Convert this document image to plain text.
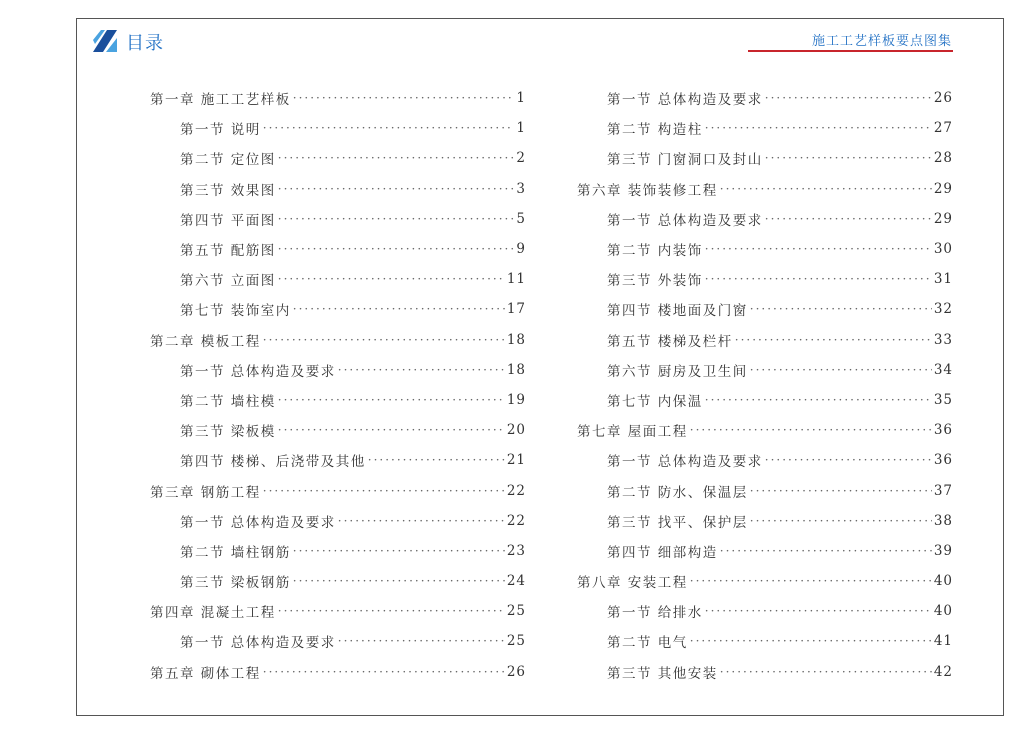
目录	施工工艺样板要点图集
第一章 施工工艺样板 ·····	1
第一节 说明 ·····	1
第二节 定位图 ·····	2
第三节 效果图 ·····	3
第四节 平面图 ·····	5
第五节 配筋图 ·····	9
第六节 立面图 ·····	11
第七节 装饰室内 ·····	17
第二章 模板工程 ·····	18
第一节 总体构造及要求 ·····	18
第二节 墙柱模 ·····	19
第三节 梁板模 ·····	20
第四节 楼梯、后浇带及其他 ·····	21
第三章 钢筋工程 ·····	22
第一节 总体构造及要求 ·····	22
第二节 墙柱钢筋 ·····	23
第三节 梁板钢筋 ·····	24
第四章 混凝土工程 ·····	25
第一节 总体构造及要求 ·····	25
第五章 砌体工程 ·····	26
第一节 总体构造及要求 ·····	26
第二节 构造柱 ·····	27
第三节 门窗洞口及封山 ·····	28
第六章 装饰装修工程 ·····	29
第一节 总体构造及要求 ·····	29
第二节 内装饰 ·····	30
第三节 外装饰 ·····	31
第四节 楼地面及门窗 ·····	32
第五节 楼梯及栏杆 ·····	33
第六节 厨房及卫生间 ·····	34
第七节 内保温 ·····	35
第七章 屋面工程 ·····	36
第一节 总体构造及要求 ·····	36
第二节 防水、保温层 ·····	37
第三节 找平、保护层 ·····	38
第四节 细部构造 ·····	39
第八章 安装工程 ·····	40
第一节 给排水 ·····	40
第二节 电气 ·····	41
第三节 其他安装 ·····	42
